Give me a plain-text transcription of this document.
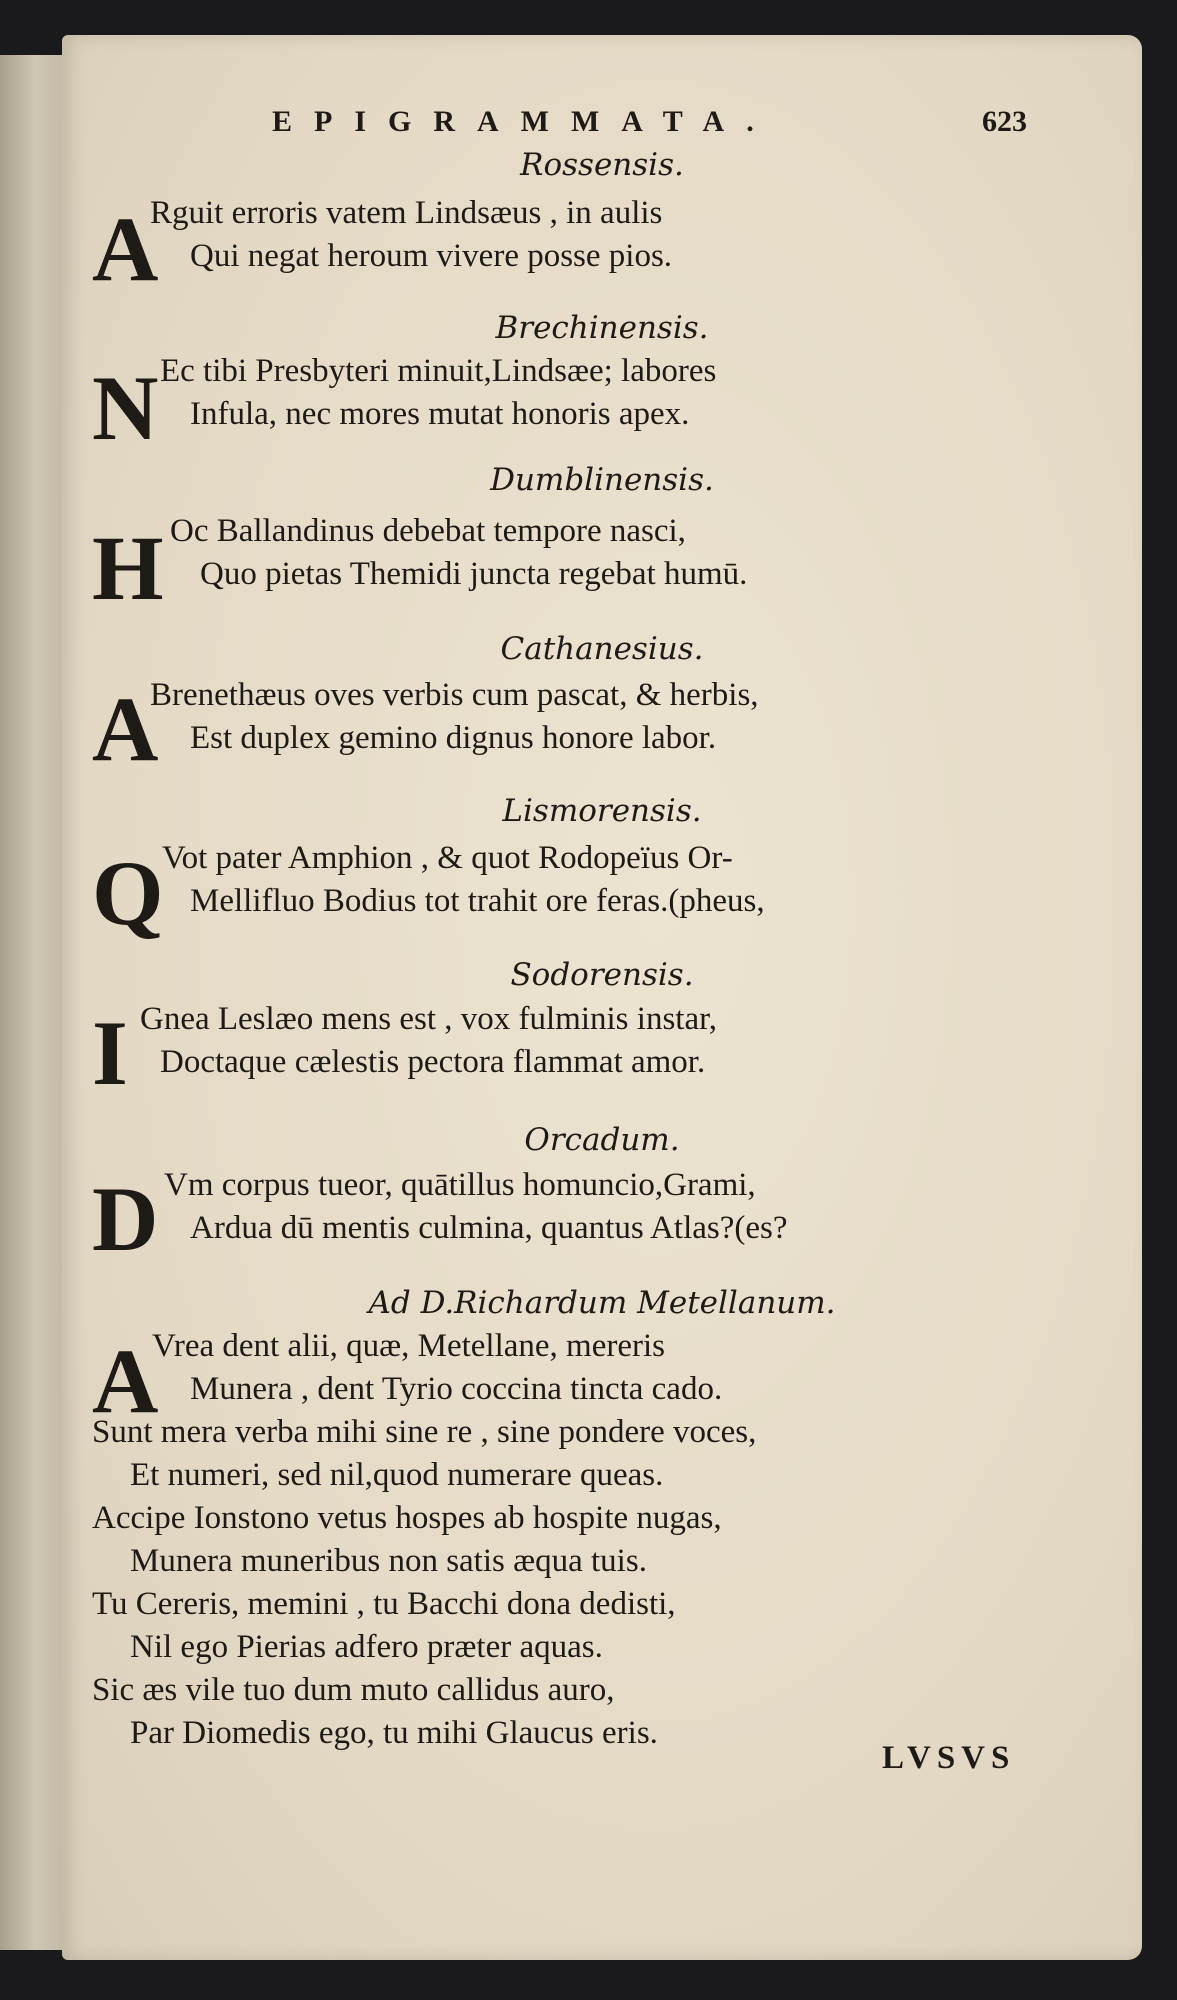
EPIGRAMMATA.	623
Rossensis.
A
Rguit erroris vatem Lindsæus , in aulis
Qui negat heroum vivere posse pios.
Brechinensis.
N Ec tibi Presbyteri minuit,Lindsæe; labores
Infula, nec mores mutat honoris apex.
Dumblinensis.
H Oc Ballandinus debebat tempore nasci,
Quo pietas Themidi juncta regebat humū.
Cathanesius.
A
Brenethæus oves verbis cum pascat, & herbis,
Est duplex gemino dignus honore labor.
Lismorensis.
Q
Vot pater Amphion , & quot Rodopeïus Or-
Mellifluo Bodius tot trahit ore feras.(pheus,
Sodorensis.
I Gnea Leslæo mens est , vox fulminis instar,
Doctaque cælestis pectora flammat amor.
Orcadum.
D Vm corpus tueor, quātillus homuncio,Grami,
Ardua dū mentis culmina, quantus Atlas?(es?
Ad D.Richardum Metellanum.
A
Vrea dent alii, quæ, Metellane, mereris
Munera , dent Tyrio coccina tincta cado.
Sunt mera verba mihi sine re , sine pondere voces,
Et numeri, sed nil,quod numerare queas.
Accipe Ionstono vetus hospes ab hospite nugas,
Munera muneribus non satis æqua tuis.
Tu Cereris, memini , tu Bacchi dona dedisti,
Nil ego Pierias adfero præter aquas.
Sic æs vile tuo dum muto callidus auro,
Par Diomedis ego, tu mihi Glaucus eris.
LVSVS
